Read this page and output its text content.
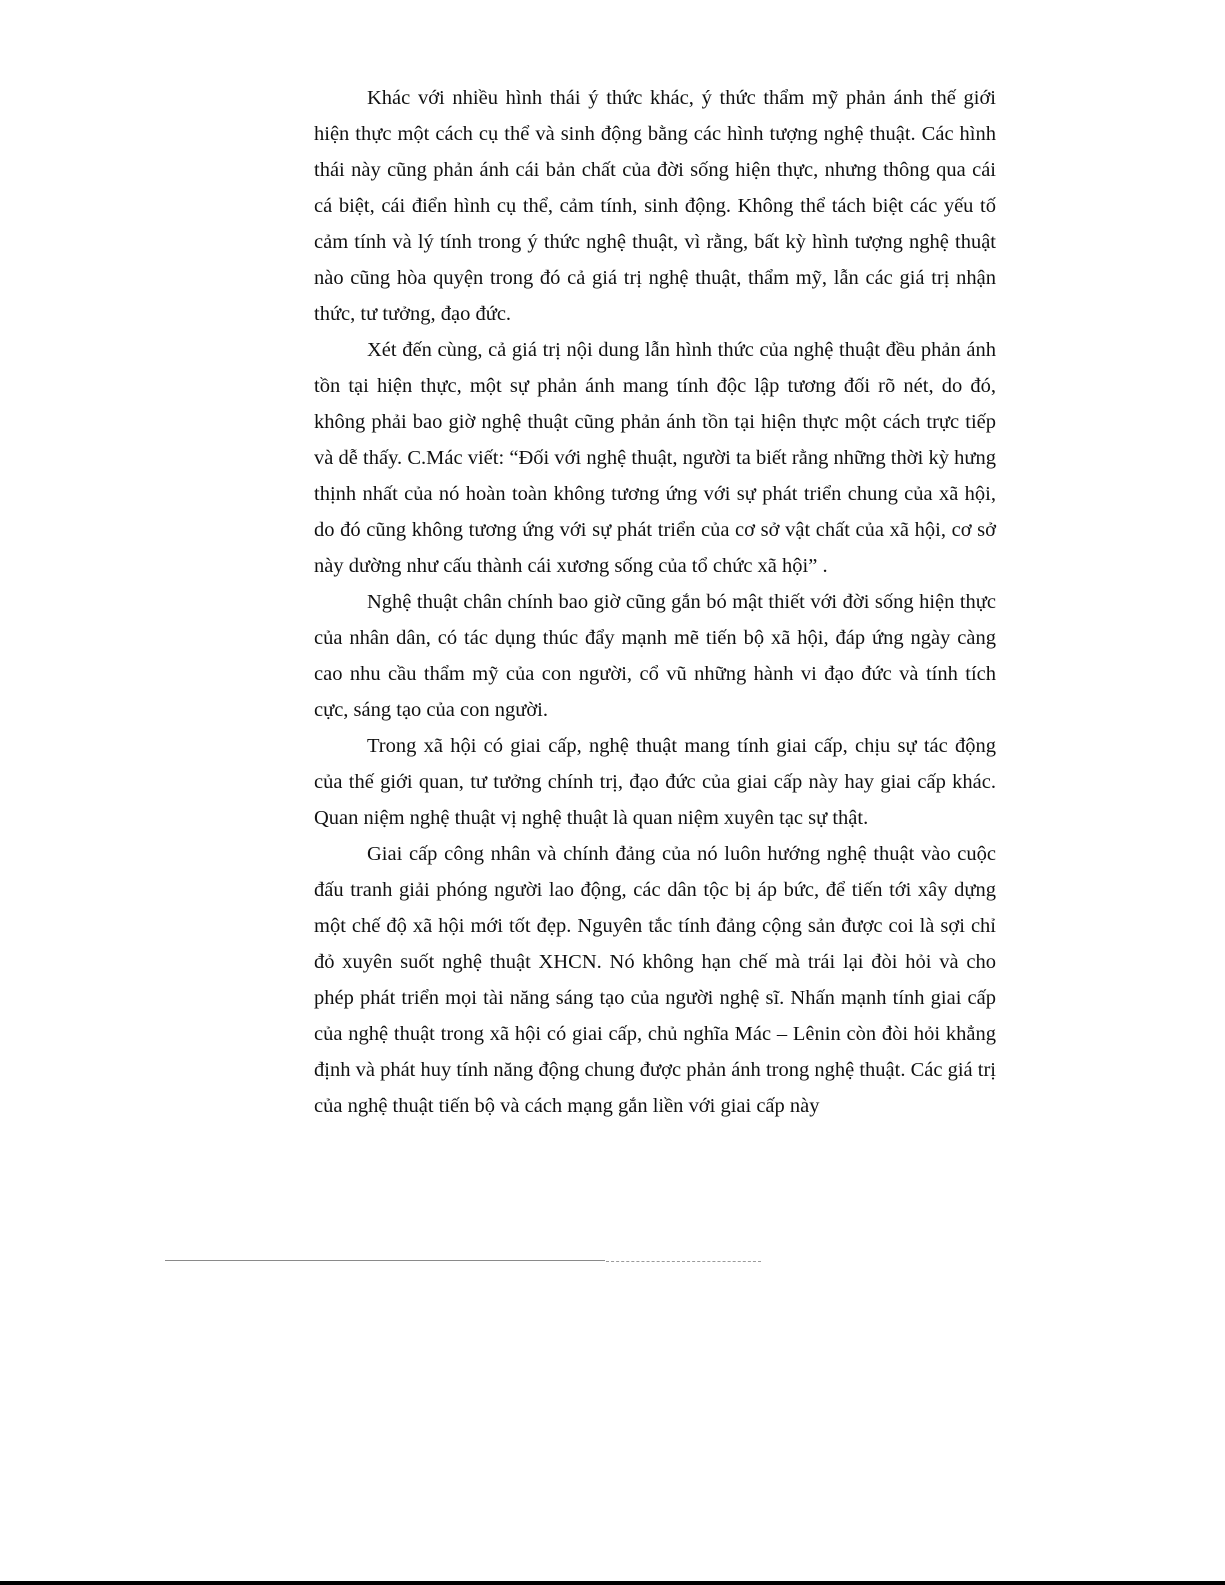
Khác với nhiều hình thái ý thức khác, ý thức thẩm mỹ phản ánh thế giới hiện thực một cách cụ thể và sinh động bằng các hình tượng nghệ thuật. Các hình thái này cũng phản ánh cái bản chất của đời sống hiện thực, nhưng thông qua cái cá biệt, cái điển hình cụ thể, cảm tính, sinh động. Không thể tách biệt các yếu tố cảm tính và lý tính trong ý thức nghệ thuật, vì rằng, bất kỳ hình tượng nghệ thuật nào cũng hòa quyện trong đó cả giá trị nghệ thuật, thẩm mỹ, lẫn các giá trị nhận thức, tư tưởng, đạo đức.

Xét đến cùng, cả giá trị nội dung lẫn hình thức của nghệ thuật đều phản ánh tồn tại hiện thực, một sự phản ánh mang tính độc lập tương đối rõ nét, do đó, không phải bao giờ nghệ thuật cũng phản ánh tồn tại hiện thực một cách trực tiếp và dễ thấy. C.Mác viết: “Đối với nghệ thuật, người ta biết rằng những thời kỳ hưng thịnh nhất của nó hoàn toàn không tương ứng với sự phát triển chung của xã hội, do đó cũng không tương ứng với sự phát triển của cơ sở vật chất của xã hội, cơ sở này dường như cấu thành cái xương sống của tổ chức xã hội” .

Nghệ thuật chân chính bao giờ cũng gắn bó mật thiết với đời sống hiện thực của nhân dân, có tác dụng thúc đẩy mạnh mẽ tiến bộ xã hội, đáp ứng ngày càng cao nhu cầu thẩm mỹ của con người, cổ vũ những hành vi đạo đức và tính tích cực, sáng tạo của con người.

Trong xã hội có giai cấp, nghệ thuật mang tính giai cấp, chịu sự tác động của thế giới quan, tư tưởng chính trị, đạo đức của giai cấp này hay giai cấp khác. Quan niệm nghệ thuật vị nghệ thuật là quan niệm xuyên tạc sự thật.

Giai cấp công nhân và chính đảng của nó luôn hướng nghệ thuật vào cuộc đấu tranh giải phóng người lao động, các dân tộc bị áp bức, để tiến tới xây dựng một chế độ xã hội mới tốt đẹp. Nguyên tắc tính đảng cộng sản được coi là sợi chỉ đỏ xuyên suốt nghệ thuật XHCN. Nó không hạn chế mà trái lại đòi hỏi và cho phép phát triển mọi tài năng sáng tạo của người nghệ sĩ. Nhấn mạnh tính giai cấp của nghệ thuật trong xã hội có giai cấp, chủ nghĩa Mác – Lênin còn đòi hỏi khẳng định và phát huy tính năng động chung được phản ánh trong nghệ thuật. Các giá trị của nghệ thuật tiến bộ và cách mạng gắn liền với giai cấp này
